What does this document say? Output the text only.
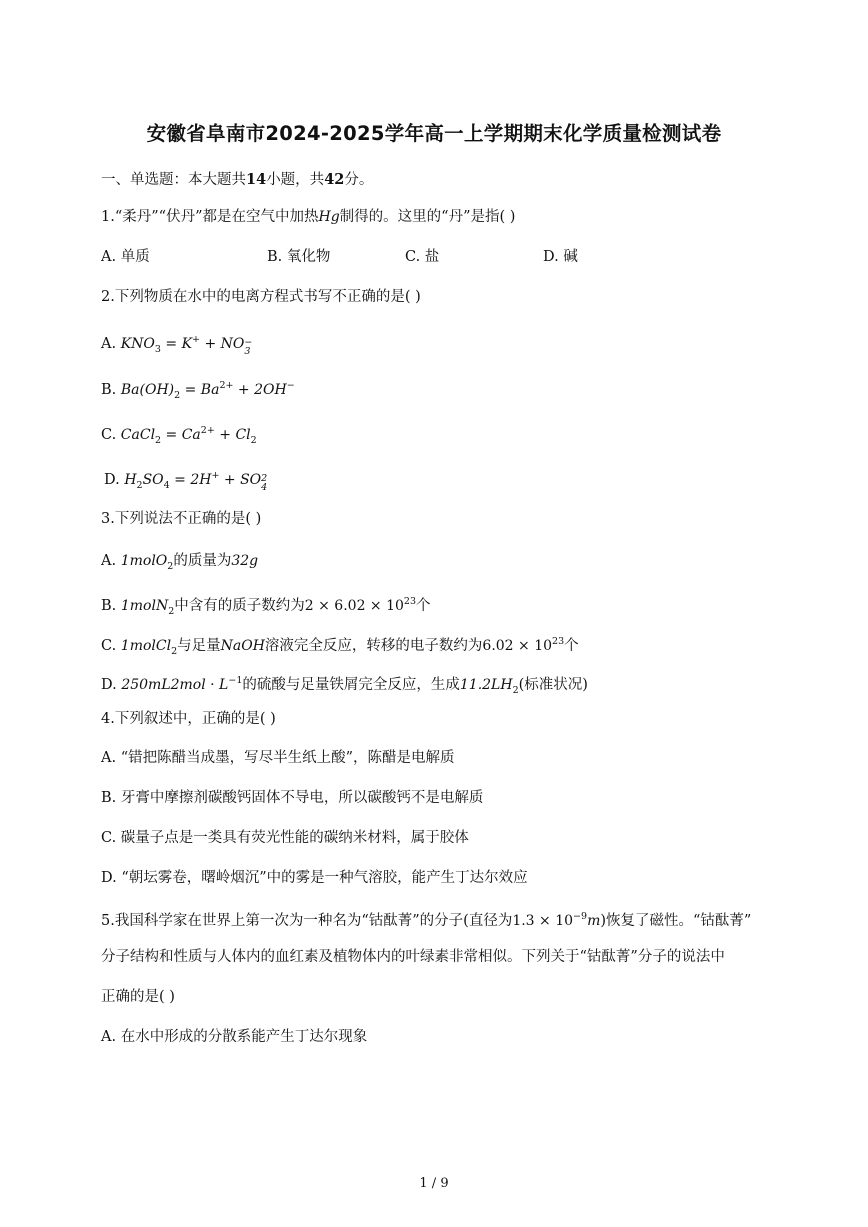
安徽省阜南市2024-2025学年高一上学期期末化学质量检测试卷
一、单选题：本大题共14小题，共42分。
1.“柔丹”“伏丹”都是在空气中加热Hg制得的。这里的“丹”是指( )
A. 单质	B. 氧化物	C. 盐	D. 碱
2.下列物质在水中的电离方程式书写不正确的是( )
A. $KNO_3 = K^+ + NO-$
3
B. $Ba(OH)_2 = Ba^{2+} + 2OH^-$
C. CaCl$_2$ = $Ca^{2+} + Cl_2$
D. $H_2SO_4 = 2H^+ + SO2$
4
3.下列说法不正确的是( )
A. 1molO$_2$的质量为32g
B. 1molN$_2$中含有的质子数约为$2 \times 6.02 \times 10^{23}$个
C. 1molCl$_2$与足量NaOH溶液完全反应，转移的电子数约为$6.02 \times 10^{23}$个
D. $250mL2mol \cdot L^{-1}$的硫酸与足量铁屑完全反应，生成$11.2LH_2$(标准状况)
4.下列叙述中，正确的是( )
A. “错把陈醋当成墨，写尽半生纸上酸”，陈醋是电解质
B. 牙膏中摩擦剂碳酸钙固体不导电，所以碳酸钙不是电解质
C. 碳量子点是一类具有荧光性能的碳纳米材料，属于胶体
D. “朝坛雾卷，曙岭烟沉”中的雾是一种气溶胶，能产生丁达尔效应
5.我国科学家在世界上第一次为一种名为“钴酞菁”的分子(直径为$1.3 \times 10^{-9}m$)恢复了磁性。“钴酞菁”
分子结构和性质与人体内的血红素及植物体内的叶绿素非常相似。下列关于“钴酞菁”分子的说法中
正确的是( )
A. 在水中形成的分散系能产生丁达尔现象
1 / 9
